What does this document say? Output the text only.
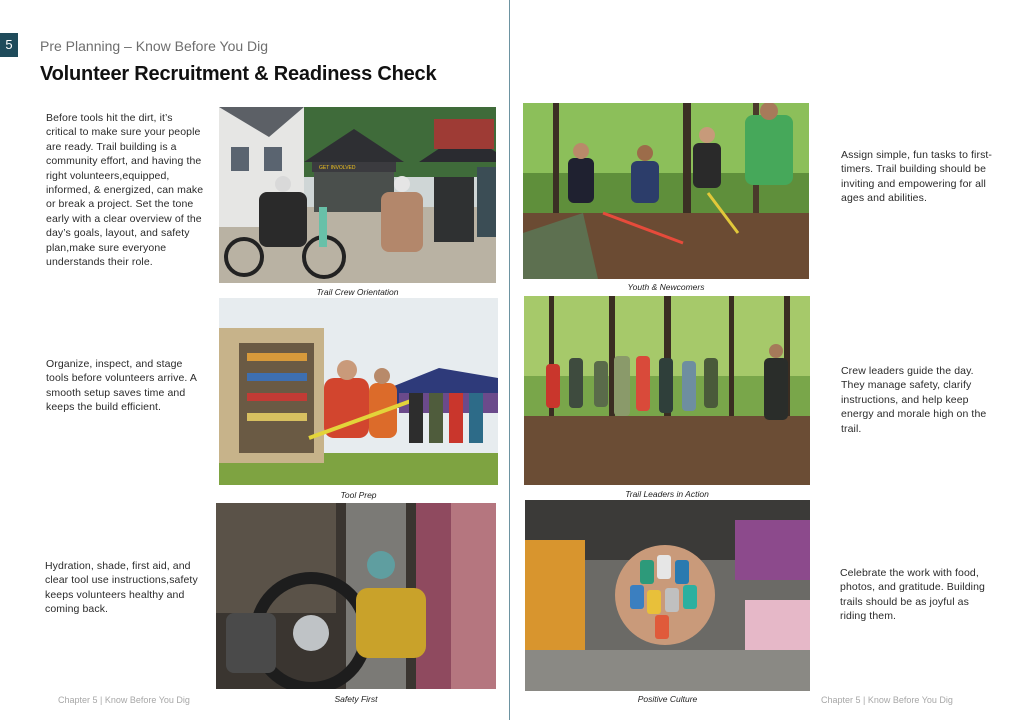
5	Pre Planning – Know Before You Dig
Volunteer Recruitment & Readiness Check
Before tools hit the dirt, it’s critical to make sure your people are ready. Trail building is a community effort, and having the right volunteers,equipped, informed, & energized, can make or break a project. Set the tone early with a clear overview of the day’s goals, layout, and safety plan,make sure everyone understands their role.
Organize, inspect, and stage tools before volunteers arrive. A smooth setup saves time and keeps the build efficient.
Hydration, shade, first aid, and clear tool use instructions,safety keeps volunteers healthy and coming back.
GET INVOLVED
Trail Crew Orientation
Tool Prep
Safety First
Youth & Newcomers
Trail Leaders in Action
Positive Culture
Assign simple, fun tasks to first-timers. Trail building should be inviting and empowering for all ages and abilities.
Crew leaders guide the day. They manage safety, clarify instructions, and help keep energy and morale high on the trail.
Celebrate the work with food, photos, and gratitude. Building trails should be as joyful as riding them.
Chapter 5 | Know Before You Dig	Chapter 5 | Know Before You Dig
